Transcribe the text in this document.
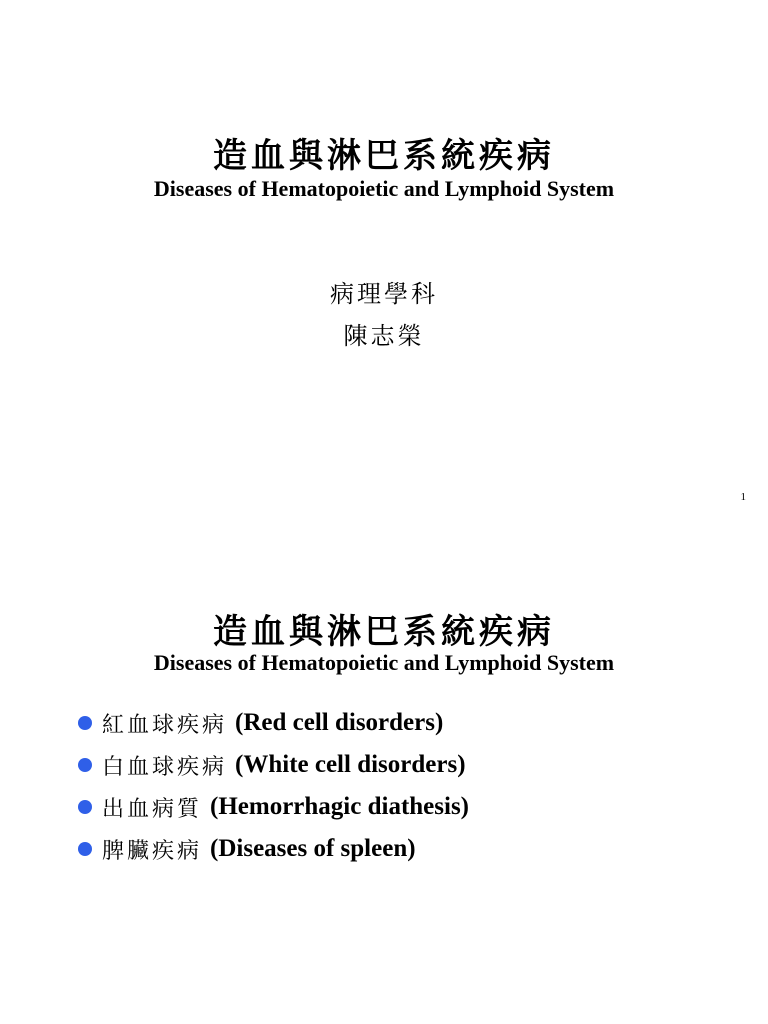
造血與淋巴系統疾病
Diseases of Hematopoietic and Lymphoid System
病理學科
陳志榮
1
造血與淋巴系統疾病
Diseases of Hematopoietic and Lymphoid System
紅血球疾病 (Red cell disorders)
白血球疾病 (White cell disorders)
出血病質 (Hemorrhagic diathesis)
脾臟疾病 (Diseases of spleen)
